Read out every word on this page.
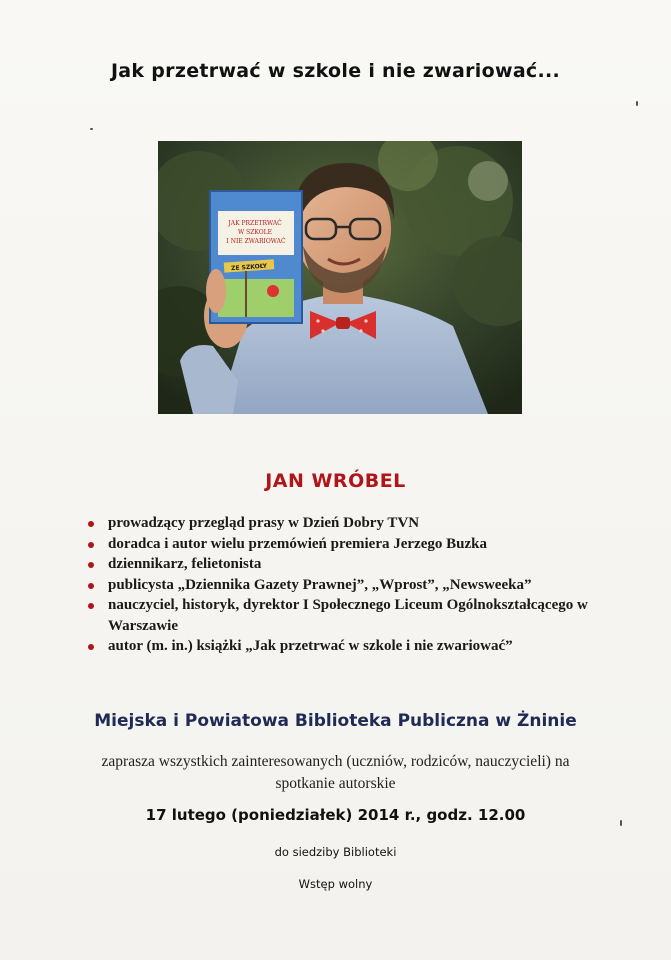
Jak przetrwać w szkole i nie zwariować...
JAK PRZETRWAĆ W SZKOLE I NIE ZWARIOWAĆ
ZE SZKOŁY
JAN WRÓBEL
prowadzący przegląd prasy w Dzień Dobry TVN
doradca i autor wielu przemówień premiera Jerzego Buzka
dziennikarz, felietonista
publicysta „Dziennika Gazety Prawnej”, „Wprost”, „Newsweeka”
nauczyciel, historyk, dyrektor I Społecznego Liceum Ogólnokształcącego w Warszawie
autor (m. in.) książki „Jak przetrwać w szkole i nie zwariować”
Miejska i Powiatowa Biblioteka Publiczna w Żninie
zaprasza wszystkich zainteresowanych (uczniów, rodziców, nauczycieli) na spotkanie autorskie
17 lutego (poniedziałek) 2014 r., godz. 12.00
do siedziby Biblioteki
Wstęp wolny
